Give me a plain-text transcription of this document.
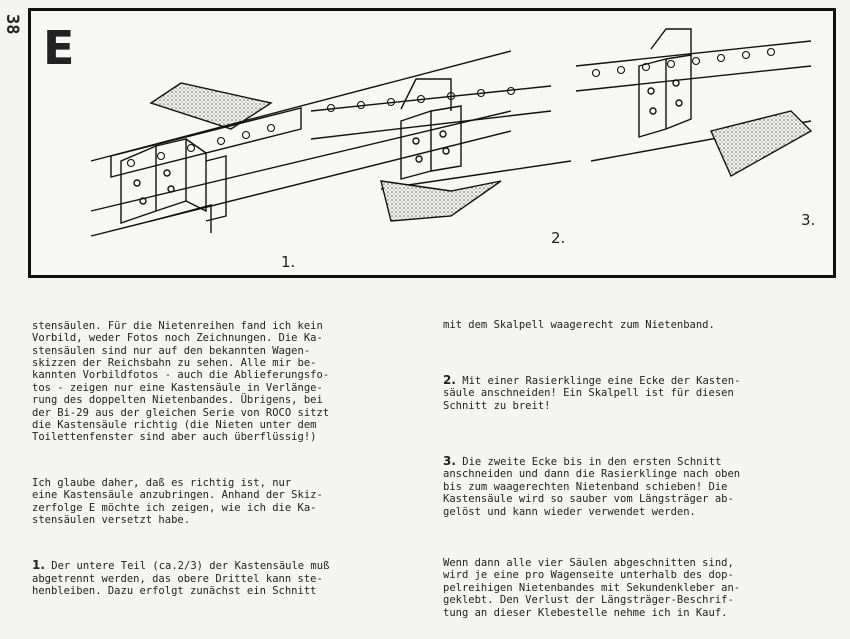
38 E
1.
2.
3.

stensäulen. Für die Nietenreihen fand ich kein
Vorbild, weder Fotos noch Zeichnungen. Die Ka-
stensäulen sind nur auf den bekannten Wagen-
skizzen der Reichsbahn zu sehen. Alle mir be-
kannten Vorbildfotos - auch die Ablieferungsfo-
tos - zeigen nur eine Kastensäule in Verlänge-
rung des doppelten Nietenbandes. Übrigens, bei
der Bi-29 aus der gleichen Serie von ROCO sitzt
die Kastensäule richtig (die Nieten unter dem
Toilettenfenster sind aber auch überflüssig!)

Ich glaube daher, daß es richtig ist, nur
eine Kastensäule anzubringen. Anhand der Skiz-
zerfolge E möchte ich zeigen, wie ich die Ka-
stensäulen versetzt habe.

1. Der untere Teil (ca.2/3) der Kastensäule muß
abgetrennt werden, das obere Drittel kann ste-
henbleiben. Dazu erfolgt zunächst ein Schnitt

mit dem Skalpell waagerecht zum Nietenband.

2. Mit einer Rasierklinge eine Ecke der Kasten-
säule anschneiden! Ein Skalpell ist für diesen
Schnitt zu breit!

3. Die zweite Ecke bis in den ersten Schnitt
anschneiden und dann die Rasierklinge nach oben
bis zum waagerechten Nietenband schieben! Die
Kastensäule wird so sauber vom Längsträger ab-
gelöst und kann wieder verwendet werden.

Wenn dann alle vier Säulen abgeschnitten sind,
wird je eine pro Wagenseite unterhalb des dop-
pelreihigen Nietenbandes mit Sekundenkleber an-
geklebt. Den Verlust der Längsträger-Beschrif-
tung an dieser Klebestelle nehme ich in Kauf.
